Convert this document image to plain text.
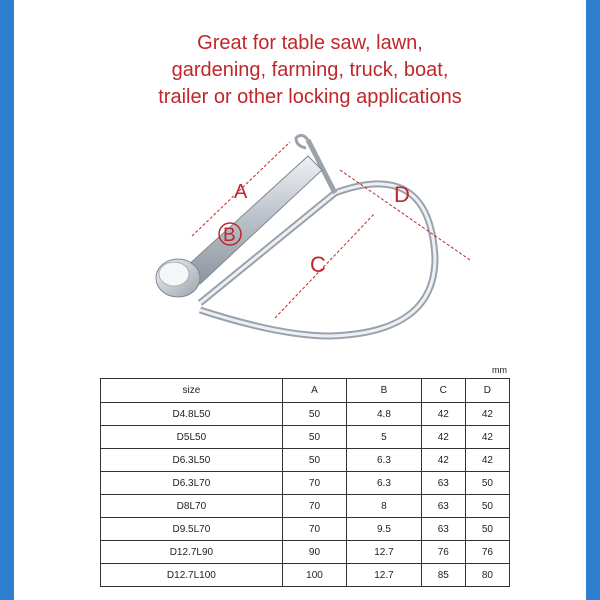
Great for table saw, lawn,
gardening, farming, truck, boat,
trailer or other locking applications
A
B
C
D
mm
size	A	B	C	D
D4.8L50	50	4.8	42	42
D5L50	50	5	42	42
D6.3L50	50	6.3	42	42
D6.3L70	70	6.3	63	50
D8L70	70	8	63	50
D9.5L70	70	9.5	63	50
D12.7L90	90	12.7	76	76
D12.7L100	100	12.7	85	80
